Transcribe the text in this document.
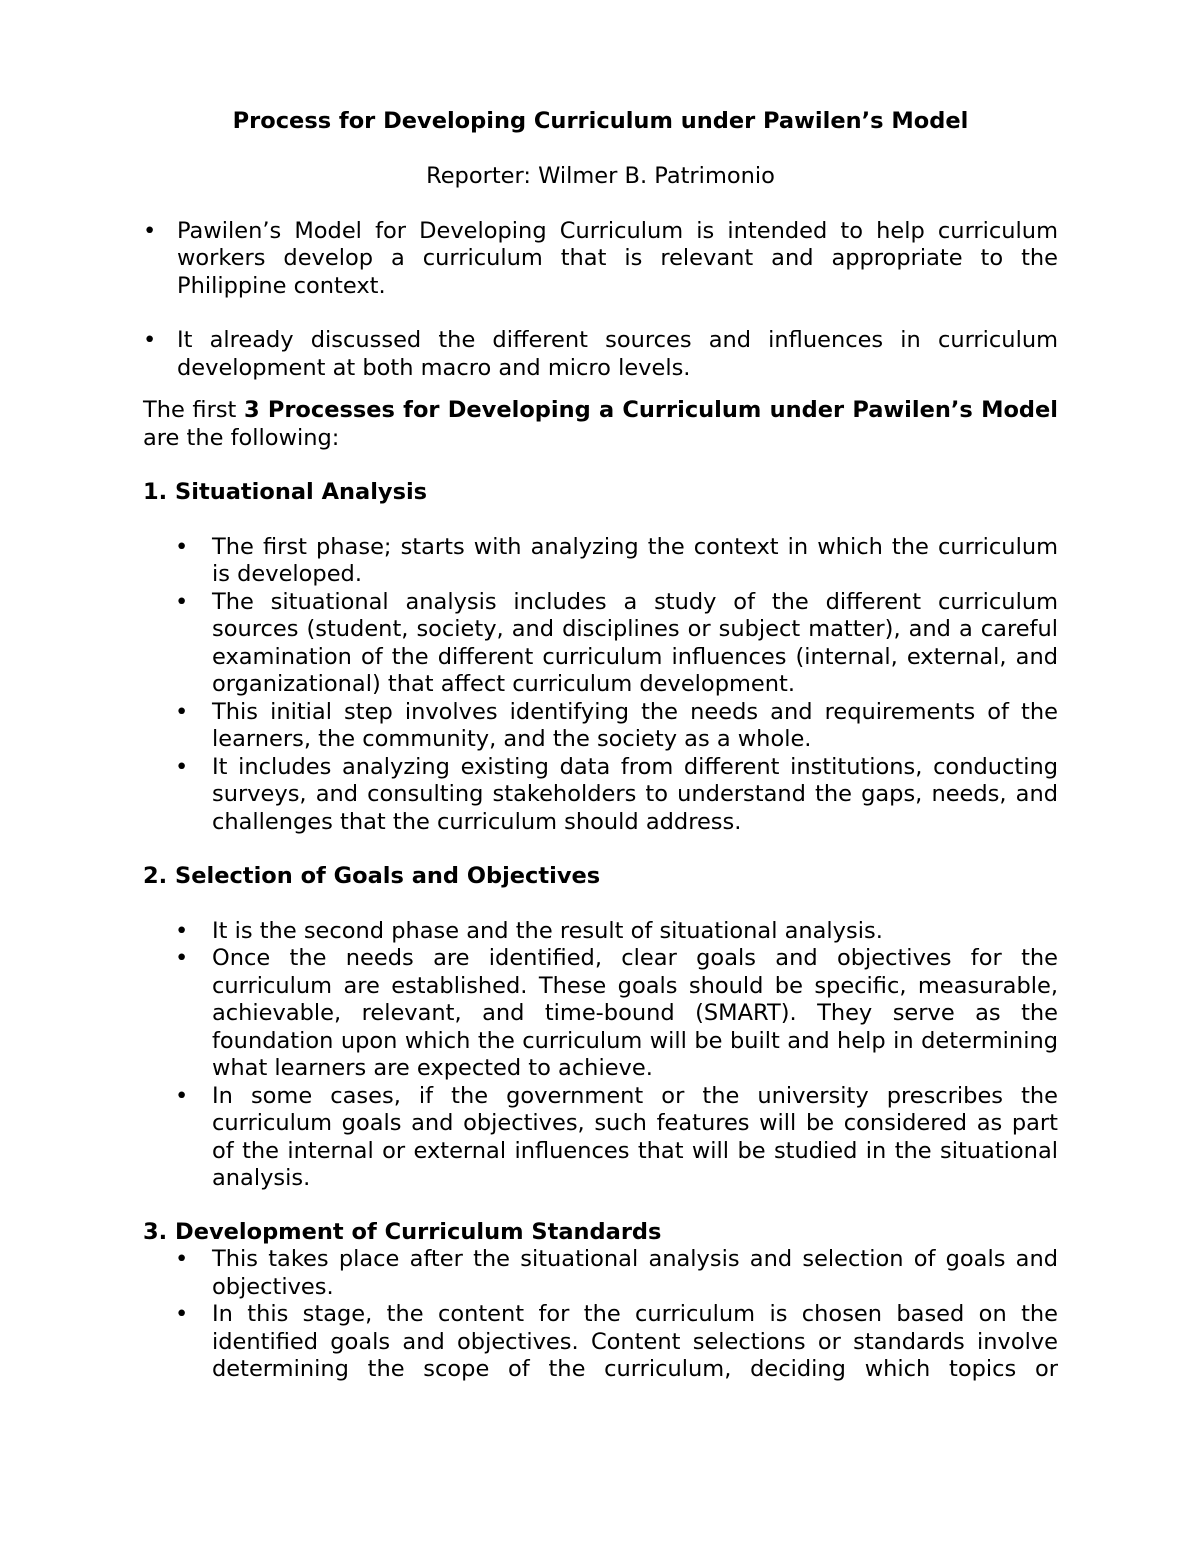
Process for Developing Curriculum under Pawilen’s Model

Reporter: Wilmer B. Patrimonio

• Pawilen’s Model for Developing Curriculum is intended to help curriculum workers develop a curriculum that is relevant and appropriate to the Philippine context.
• It already discussed the different sources and influences in curriculum development at both macro and micro levels.

The first 3 Processes for Developing a Curriculum under Pawilen’s Model are the following:

1. Situational Analysis

• The first phase; starts with analyzing the context in which the curriculum is developed.
• The situational analysis includes a study of the different curriculum sources (student, society, and disciplines or subject matter), and a careful examination of the different curriculum influences (internal, external, and organizational) that affect curriculum development.
• This initial step involves identifying the needs and requirements of the learners, the community, and the society as a whole.
• It includes analyzing existing data from different institutions, conducting surveys, and consulting stakeholders to understand the gaps, needs, and challenges that the curriculum should address.

2. Selection of Goals and Objectives

• It is the second phase and the result of situational analysis.
• Once the needs are identified, clear goals and objectives for the curriculum are established. These goals should be specific, measurable, achievable, relevant, and time-bound (SMART). They serve as the foundation upon which the curriculum will be built and help in determining what learners are expected to achieve.
• In some cases, if the government or the university prescribes the curriculum goals and objectives, such features will be considered as part of the internal or external influences that will be studied in the situational analysis.

3. Development of Curriculum Standards

• This takes place after the situational analysis and selection of goals and objectives.
• In this stage, the content for the curriculum is chosen based on the identified goals and objectives. Content selections or standards involve determining the scope of the curriculum, deciding which topics or
